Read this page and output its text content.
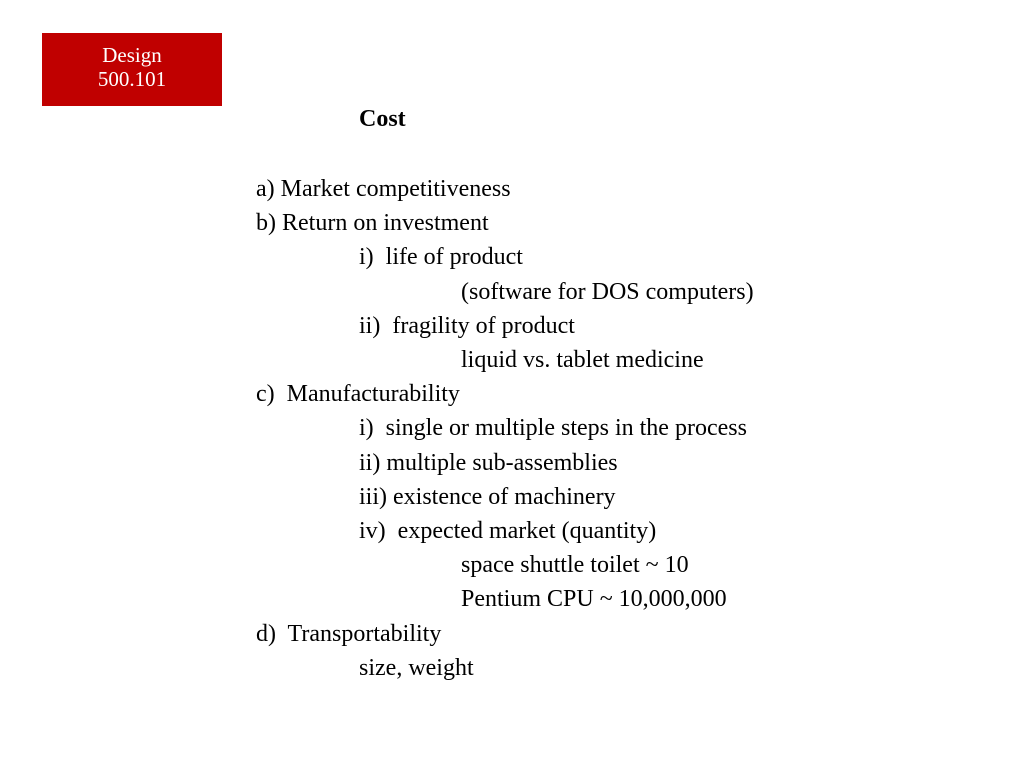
Design
500.101
Cost
a) Market competitiveness
b) Return on investment
i)  life of product
(software for DOS computers)
ii)  fragility of product
liquid vs. tablet medicine
c)  Manufacturability
i)  single or multiple steps in the process
ii) multiple sub-assemblies
iii) existence of machinery
iv)  expected market (quantity)
space shuttle toilet ~ 10
Pentium CPU ~ 10,000,000
d)  Transportability
size, weight
